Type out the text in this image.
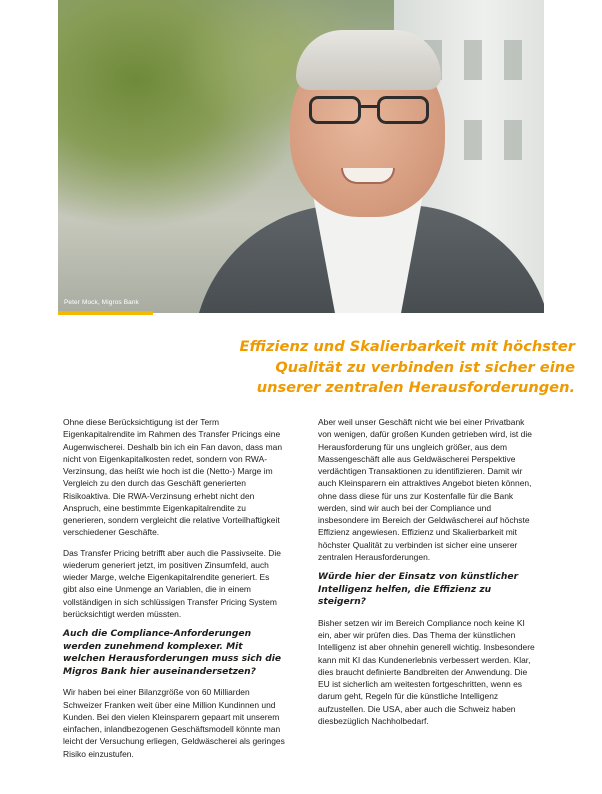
Peter Mock, Migros Bank

Effizienz und Skalierbarkeit mit höchster Qualität zu verbinden ist sicher eine unserer zentralen Herausforderungen.

Ohne diese Berücksichtigung ist der Term Eigenkapitalrendite im Rahmen des Transfer Pricings eine Augenwischerei. Deshalb bin ich ein Fan davon, dass man nicht von Eigenkapitalkosten redet, sondern von RWA-Verzinsung, das heißt wie hoch ist die (Netto-) Marge im Vergleich zu den durch das Geschäft generierten Risikoaktiva. Die RWA-Verzinsung erhebt nicht den Anspruch, eine bestimmte Eigenkapitalrendite zu generieren, sondern vergleicht die relative Vorteilhaftigkeit verschiedener Geschäfte.

Das Transfer Pricing betrifft aber auch die Passivseite. Die wiederum generiert jetzt, im positiven Zinsumfeld, auch wieder Marge, welche Eigenkapitalrendite generiert. Es gibt also eine Unmenge an Variablen, die in einem vollständigen in sich schlüssigen Transfer Pricing System berücksichtigt werden müssten.

Auch die Compliance-Anforderungen werden zunehmend komplexer. Mit welchen Herausforderungen muss sich die Migros Bank hier auseinandersetzen?

Wir haben bei einer Bilanzgröße von 60 Milliarden Schweizer Franken weit über eine Million Kundinnen und Kunden. Bei den vielen Kleinsparern gepaart mit unserem einfachen, inlandbezogenen Geschäftsmodell könnte man leicht der Versuchung erliegen, Geldwäscherei als geringes Risiko einzustufen.

Aber weil unser Geschäft nicht wie bei einer Privatbank von wenigen, dafür großen Kunden getrieben wird, ist die Herausforderung für uns ungleich größer, aus dem Massengeschäft alle aus Geldwäscherei Perspektive verdächtigen Transaktionen zu identifizieren. Damit wir auch Kleinsparern ein attraktives Angebot bieten können, ohne dass diese für uns zur Kostenfalle für die Bank werden, sind wir auch bei der Compliance und insbesondere im Bereich der Geldwäscherei auf höchste Effizienz angewiesen. Effizienz und Skalierbarkeit mit höchster Qualität zu verbinden ist sicher eine unserer zentralen Herausforderungen.

Würde hier der Einsatz von künstlicher Intelligenz helfen, die Effizienz zu steigern?

Bisher setzen wir im Bereich Compliance noch keine KI ein, aber wir prüfen dies. Das Thema der künstlichen Intelligenz ist aber ohnehin generell wichtig. Insbesondere kann mit KI das Kundenerlebnis verbessert werden. Klar, dies braucht definierte Bandbreiten der Anwendung. Die EU ist sicherlich am weitesten fortgeschritten, wenn es darum geht, Regeln für die künstliche Intelligenz aufzustellen. Die USA, aber auch die Schweiz haben diesbezüglich Nachholbedarf.
